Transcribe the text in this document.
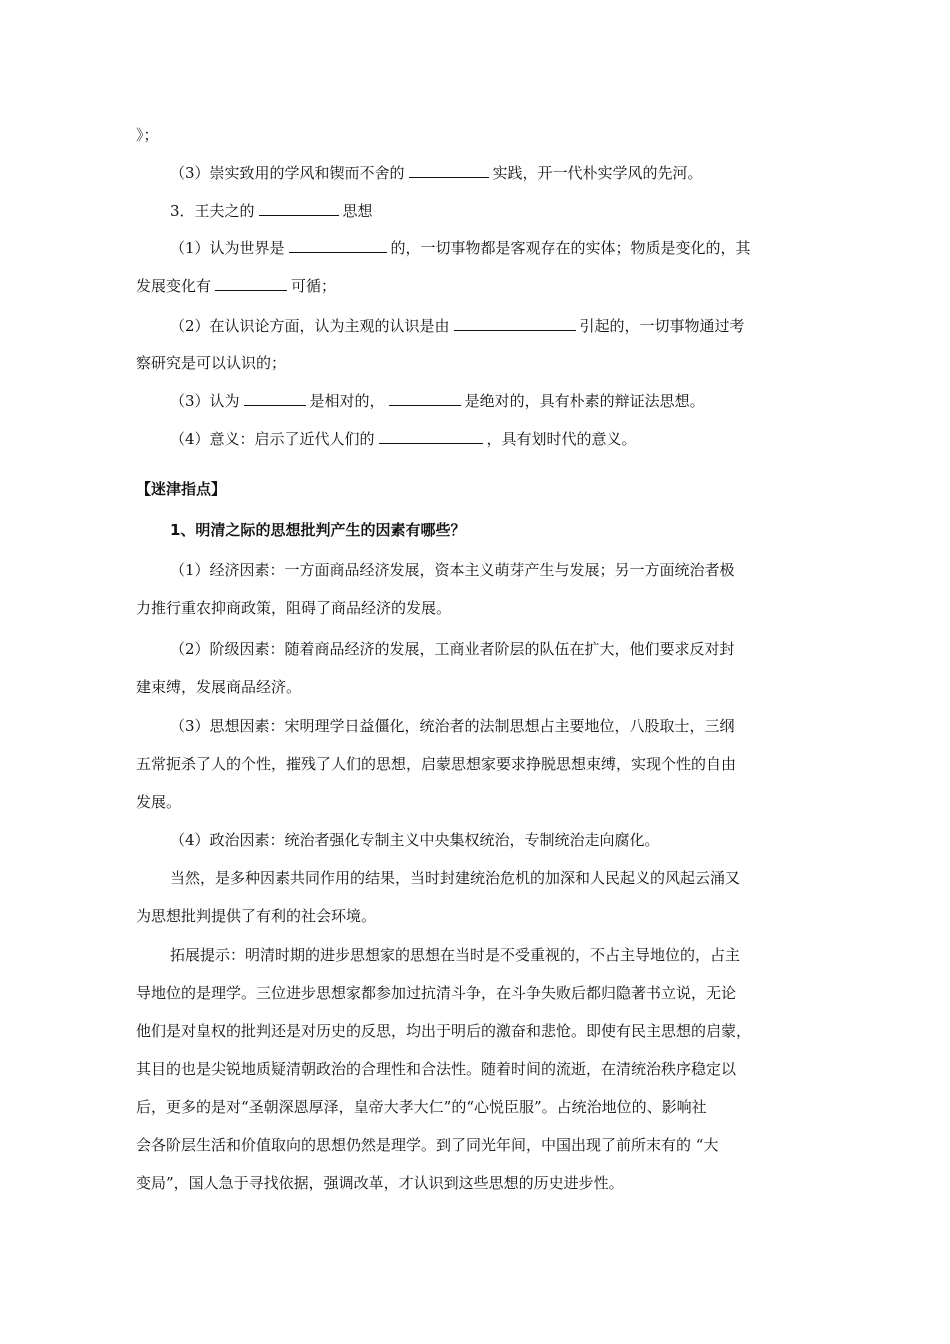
》；
（3）崇实致用的学风和锲而不舍的	实践，开一代朴实学风的先河。
3．王夫之的	思想
（1）认为世界是	的，一切事物都是客观存在的实体；物质是变化的，其
发展变化有	可循；
（2）在认识论方面，认为主观的认识是由	引起的，一切事物通过考
察研究是可以认识的；
（3）认为	是相对的，	是绝对的，具有朴素的辩证法思想。
（4）意义：启示了近代人们的	，具有划时代的意义。
【迷津指点】
1、明清之际的思想批判产生的因素有哪些？
（1）经济因素：一方面商品经济发展，资本主义萌芽产生与发展；另一方面统治者极
力推行重农抑商政策，阻碍了商品经济的发展。
（2）阶级因素：随着商品经济的发展，工商业者阶层的队伍在扩大，他们要求反对封
建束缚，发展商品经济。
（3）思想因素：宋明理学日益僵化，统治者的法制思想占主要地位，八股取士，三纲
五常扼杀了人的个性，摧残了人们的思想，启蒙思想家要求挣脱思想束缚，实现个性的自由
发展。
（4）政治因素：统治者强化专制主义中央集权统治，专制统治走向腐化。
当然，是多种因素共同作用的结果，当时封建统治危机的加深和人民起义的风起云涌又
为思想批判提供了有利的社会环境。
拓展提示：明清时期的进步思想家的思想在当时是不受重视的，不占主导地位的，占主
导地位的是理学。三位进步思想家都参加过抗清斗争，在斗争失败后都归隐著书立说，无论
他们是对皇权的批判还是对历史的反思，均出于明后的激奋和悲怆。即使有民主思想的启蒙，
其目的也是尖锐地质疑清朝政治的合理性和合法性。随着时间的流逝，在清统治秩序稳定以
后，更多的是对“圣朝深恩厚泽，皇帝大孝大仁”的“心悦臣服”。占统治地位的、影响社
会各阶层生活和价值取向的思想仍然是理学。到了同光年间，中国出现了前所末有的 “大
变局”，国人急于寻找依据，强调改革，才认识到这些思想的历史进步性。
